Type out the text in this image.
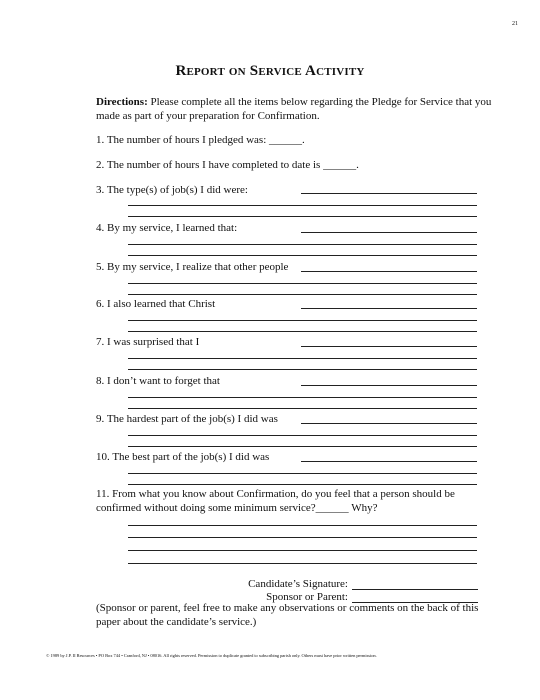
21
Report on Service Activity
Directions: Please complete all the items below regarding the Pledge for Service that you made as part of your preparation for Confirmation.
1. The number of hours I pledged was: ______.
2. The number of hours I have completed to date is ______.
3. The type(s) of job(s) I did were:
4. By my service, I learned that:
5. By my service, I realize that other people
6. I also learned that Christ
7. I was surprised that I
8. I don’t want to forget that
9. The hardest part of the job(s) I did was
10. The best part of the job(s) I did was
11. From what you know about Confirmation, do you feel that a person should be confirmed without doing some minimum service?______ Why?
Candidate’s Signature:
Sponsor or Parent:
(Sponsor or parent, feel free to make any observations or comments on the back of this paper about the candidate’s service.)
© 1989 by J.P. II Resources • PO Box 744 • Cranford, NJ • 08016. All rights reserved. Permission to duplicate granted to subscribing parish only. Others must have prior written permission.
